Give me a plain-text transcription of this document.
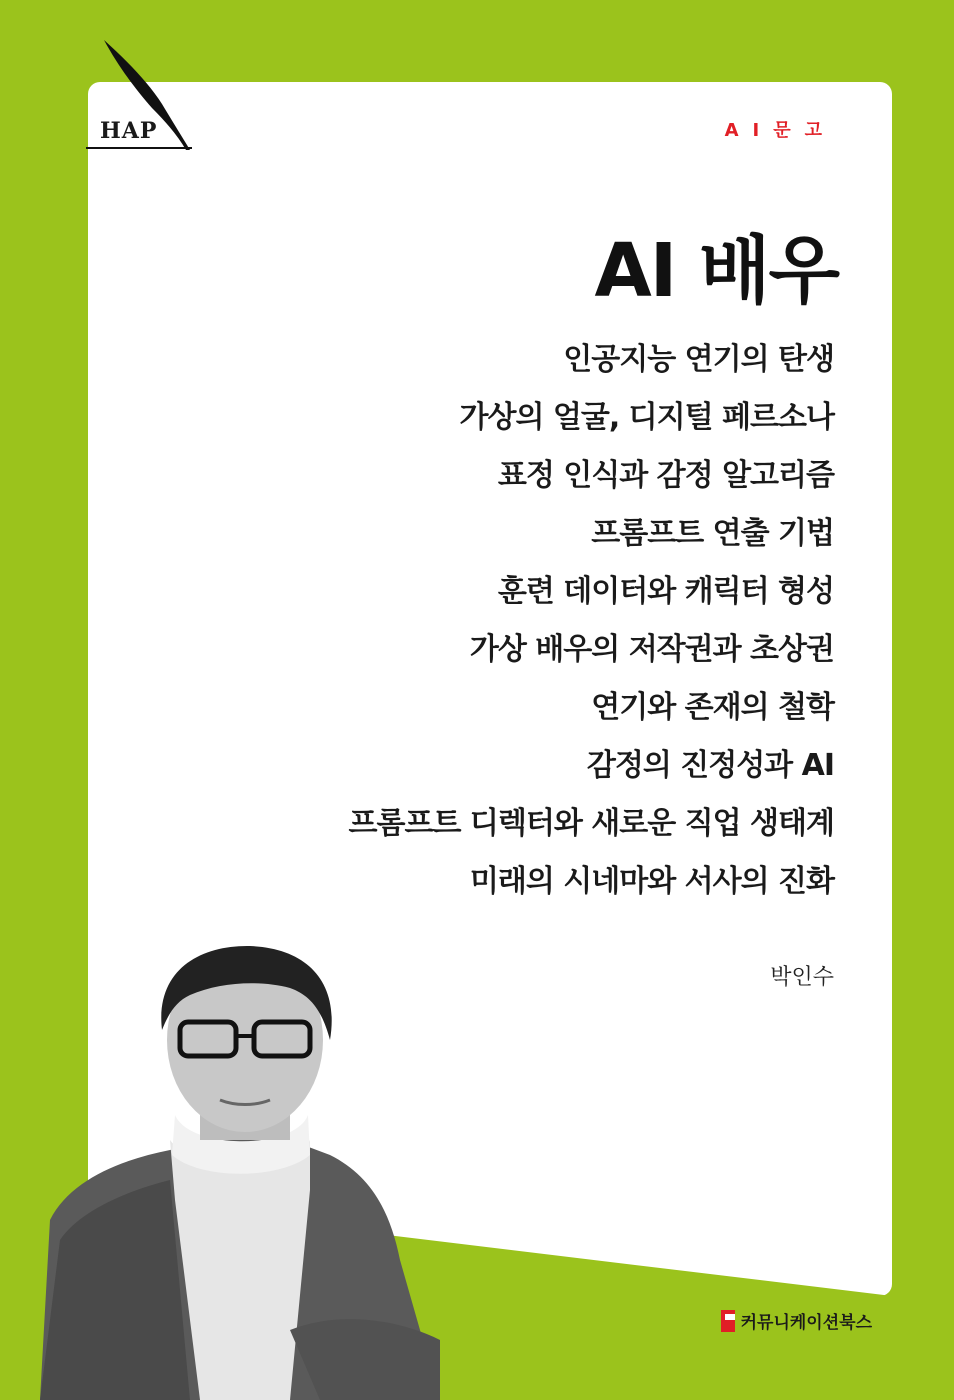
HAP	AI문고
AI 배우
인공지능 연기의 탄생
가상의 얼굴, 디지털 페르소나
표정 인식과 감정 알고리즘
프롬프트 연출 기법
훈련 데이터와 캐릭터 형성
가상 배우의 저작권과 초상권
연기와 존재의 철학
감정의 진정성과 AI
프롬프트 디렉터와 새로운 직업 생태계
미래의 시네마와 서사의 진화
박인수
커뮤니케이션북스
